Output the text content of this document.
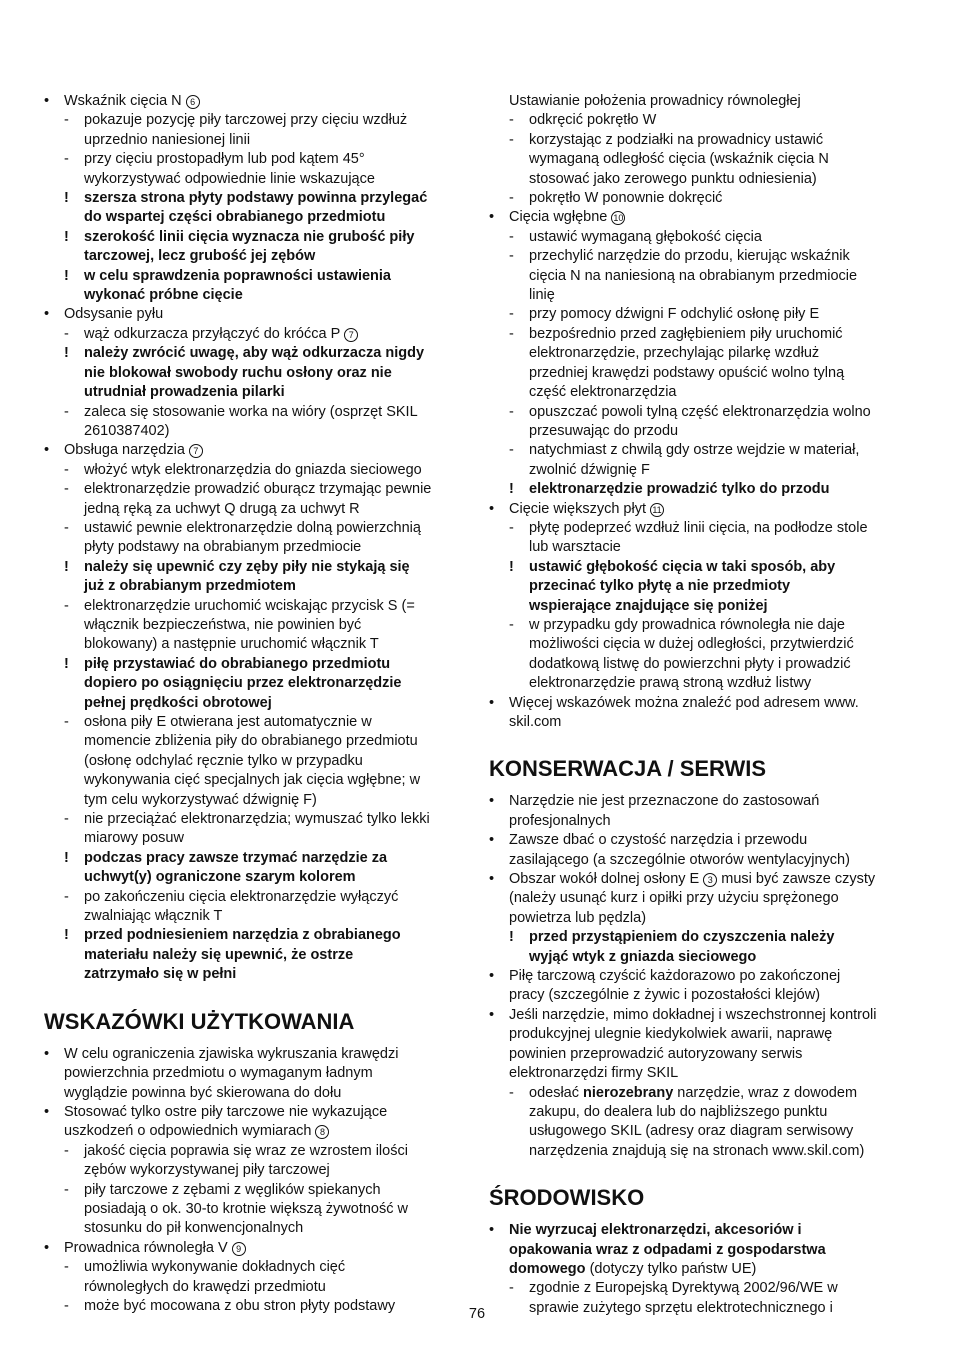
• Wskaźnik cięcia N 6
- pokazuje pozycję piły tarczowej przy cięciu wzdłuż
uprzednio naniesionej linii
- przy cięciu prostopadłym lub pod kątem 45°
wykorzystywać odpowiednie linie wskazujące
! szersza strona płyty podstawy powinna przylegać
do wspartej części obrabianego przedmiotu
! szerokość linii cięcia wyznacza nie grubość piły
tarczowej, lecz grubość jej zębów
! w celu sprawdzenia poprawności ustawienia
wykonać próbne cięcie
• Odsysanie pyłu
- wąż odkurzacza przyłączyć do króćca P 7
! należy zwrócić uwagę, aby wąż odkurzacza nigdy
nie blokował swobody ruchu osłony oraz nie
utrudniał prowadzenia pilarki
- zaleca się stosowanie worka na wióry (osprzęt SKIL
2610387402)
• Obsługa narzędzia 7
- włożyć wtyk elektronarzędzia do gniazda sieciowego
- elektronarzędzie prowadzić oburącz trzymając pewnie
jedną ręką za uchwyt Q drugą za uchwyt R
- ustawić pewnie elektronarzędzie dolną powierzchnią
płyty podstawy na obrabianym przedmiocie
! należy się upewnić czy zęby piły nie stykają się
już z obrabianym przedmiotem
- elektronarzędzie uruchomić wciskając przycisk S (=
włącznik bezpieczeństwa, nie powinien być
blokowany) a następnie uruchomić włącznik T
! piłę przystawiać do obrabianego przedmiotu
dopiero po osiągnięciu przez elektronarzędzie
pełnej prędkości obrotowej
- osłona piły E otwierana jest automatycznie w
momencie zbliżenia piły do obrabianego przedmiotu
(osłonę odchylać ręcznie tylko w przypadku
wykonywania cięć specjalnych jak cięcia wgłębne; w
tym celu wykorzystywać dźwignię F)
- nie przeciążać elektronarzędzia; wymuszać tylko lekki
miarowy posuw
! podczas pracy zawsze trzymać narzędzie za
uchwyt(y) ograniczone szarym kolorem
- po zakończeniu cięcia elektronarzędzie wyłączyć
zwalniając włącznik T
! przed podniesieniem narzędzia z obrabianego
materiału należy się upewnić, że ostrze
zatrzymało się w pełni
WSKAZÓWKI UŻYTKOWANIA
• W celu ograniczenia zjawiska wykruszania krawędzi
powierzchnia przedmiotu o wymaganym ładnym
wyglądzie powinna być skierowana do dołu
• Stosować tylko ostre piły tarczowe nie wykazujące
uszkodzeń o odpowiednich wymiarach 8
- jakość cięcia poprawia się wraz ze wzrostem ilości
zębów wykorzystywanej piły tarczowej
- piły tarczowe z zębami z węglików spiekanych
posiadają o ok. 30-to krotnie większą żywotność w
stosunku do pił konwencjonalnych
• Prowadnica równoległa V 9
- umożliwia wykonywanie dokładnych cięć
równoległych do krawędzi przedmiotu
- może być mocowana z obu stron płyty podstawy
Ustawianie położenia prowadnicy równoległej
- odkręcić pokrętło W
- korzystając z podziałki na prowadnicy ustawić
wymaganą odległość cięcia (wskaźnik cięcia N
stosować jako zerowego punktu odniesienia)
- pokrętło W ponownie dokręcić
• Cięcia wgłębne 10
- ustawić wymaganą głębokość cięcia
- przechylić narzędzie do przodu, kierując wskaźnik
cięcia N na naniesioną na obrabianym przedmiocie
linię
- przy pomocy dźwigni F odchylić osłonę piły E
- bezpośrednio przed zagłębieniem piły uruchomić
elektronarzędzie, przechylając pilarkę wzdłuż
przedniej krawędzi podstawy opuścić wolno tylną
część elektronarzędzia
- opuszczać powoli tylną część elektronarzędzia wolno
przesuwając do przodu
- natychmiast z chwilą gdy ostrze wejdzie w materiał,
zwolnić dźwignię F
! elektronarzędzie prowadzić tylko do przodu
• Cięcie większych płyt 11
- płytę podeprzeć wzdłuż linii cięcia, na podłodze stole
lub warsztacie
! ustawić głębokość cięcia w taki sposób, aby
przecinać tylko płytę a nie przedmioty
wspierające znajdujące się poniżej
- w przypadku gdy prowadnica równoległa nie daje
możliwości cięcia w dużej odległości, przytwierdzić
dodatkową listwę do powierzchni płyty i prowadzić
elektronarzędzie prawą stroną wzdłuż listwy
• Więcej wskazówek można znaleźć pod adresem www.
skil.com
KONSERWACJA / SERWIS
• Narzędzie nie jest przeznaczone do zastosowań
profesjonalnych
• Zawsze dbać o czystość narzędzia i przewodu
zasilającego (a szczególnie otworów wentylacyjnych)
• Obszar wokół dolnej osłony E 3 musi być zawsze czysty
(należy usunąć kurz i opiłki przy użyciu sprężonego
powietrza lub pędzla)
! przed przystąpieniem do czyszczenia należy
wyjąć wtyk z gniazda sieciowego
• Piłę tarczową czyścić każdorazowo po zakończonej
pracy (szczególnie z żywic i pozostałości klejów)
• Jeśli narzędzie, mimo dokładnej i wszechstronnej kontroli
produkcyjnej ulegnie kiedykolwiek awarii, naprawę
powinien przeprowadzić autoryzowany serwis
elektronarzędzi firmy SKIL
- odesłać nierozebrany narzędzie, wraz z dowodem
zakupu, do dealera lub do najbliższego punktu
usługowego SKIL (adresy oraz diagram serwisowy
narzędzenia znajdują się na stronach www.skil.com)
ŚRODOWISKO
• Nie wyrzucaj elektronarzędzi, akcesoriów i
opakowania wraz z odpadami z gospodarstwa
domowego (dotyczy tylko państw UE)
- zgodnie z Europejską Dyrektywą 2002/96/WE w
sprawie zużytego sprzętu elektrotechnicznego i
76
